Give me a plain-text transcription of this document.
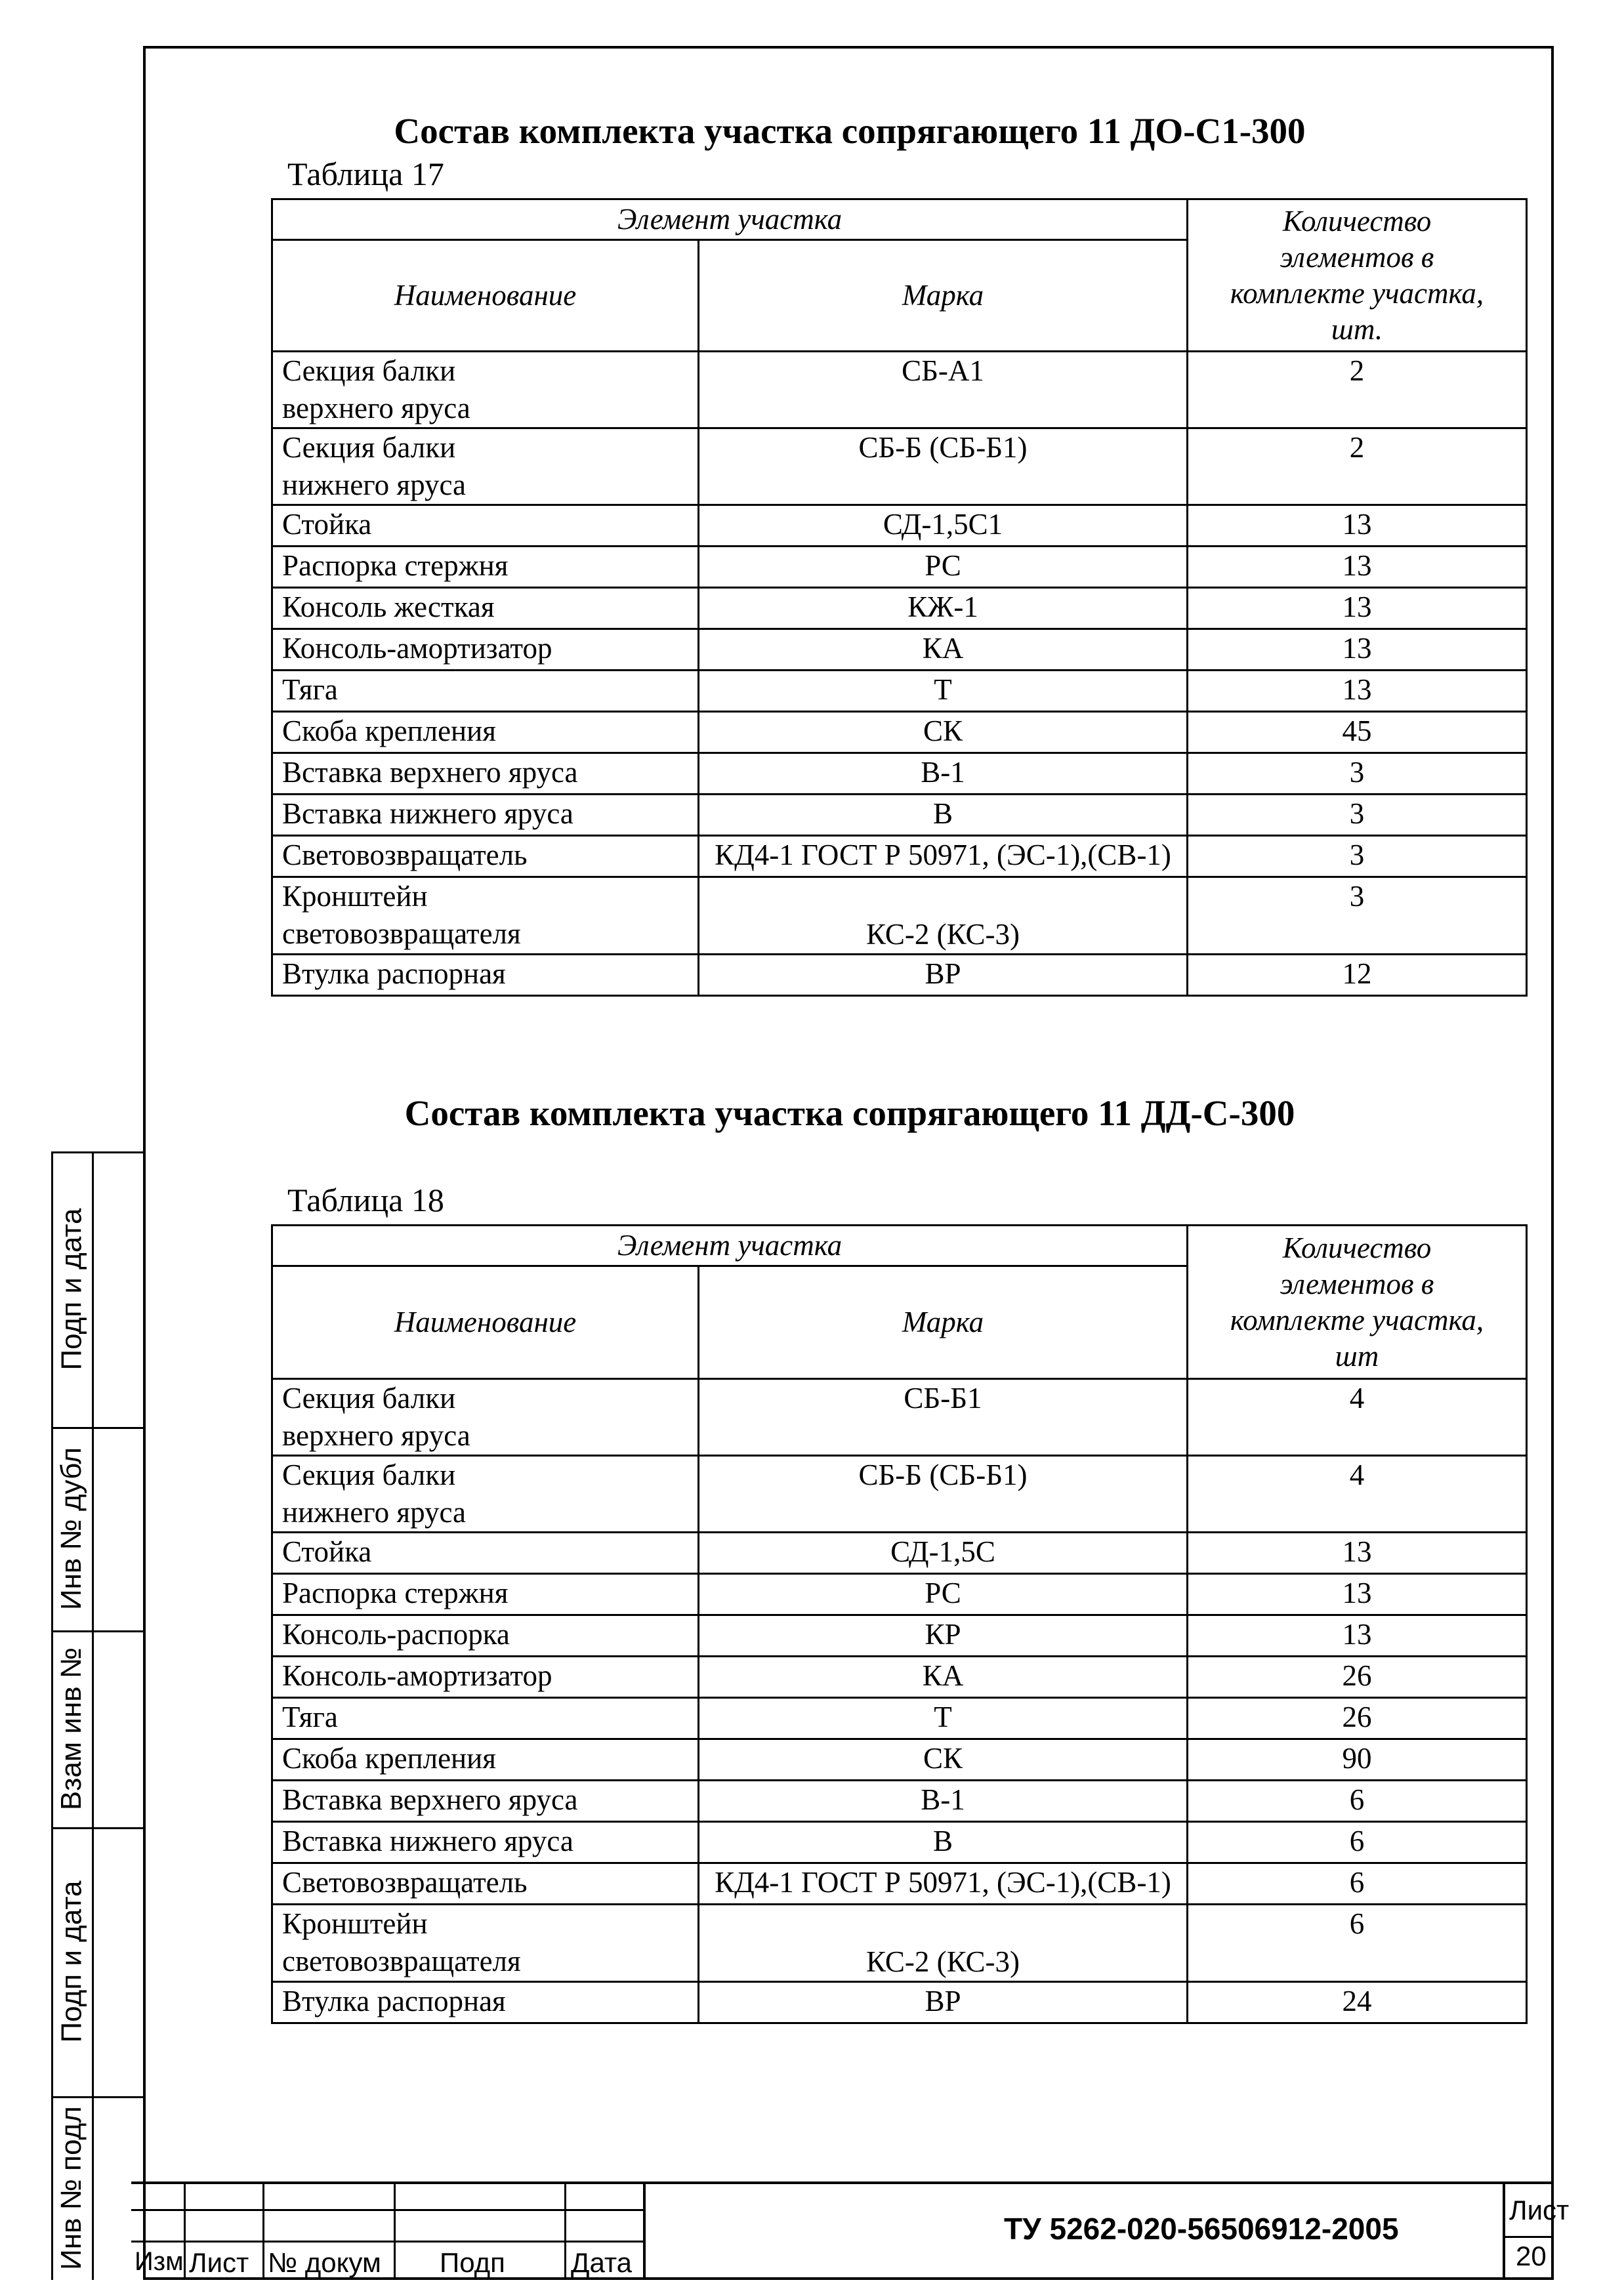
Подп и дата
Инв № дубл
Взам инв №
Подп и дата
Инв № подл
Состав комплекта участка сопрягающего 11 ДО-С1-300
Таблица 17
Элемент участка		Количество
элементов в
комплекте участка,
шт.
Наименование	Марка	
Секция балки верхнего яруса	СБ-А1	2
Секция балки нижнего яруса	СБ-Б (СБ-Б1)	2
Стойка	СД-1,5С1	13
Распорка стержня	РС	13
Консоль жесткая	КЖ-1	13
Консоль-амортизатор	КА	13
Тяга	Т	13
Скоба крепления	СК	45
Вставка верхнего яруса	В-1	3
Вставка нижнего яруса	В	3
Световозвращатель	КД4-1 ГОСТ Р 50971, (ЭС-1),(СВ-1)	3
Кронштейн световозвращателя	КС-2 (КС-3)	3
Втулка распорная	ВР	12
Состав комплекта участка сопрягающего 11 ДД-С-300
Таблица 18
Элемент участка		Количество
элементов в
комплекте участка,
шт
Наименование	Марка	
Секция балки верхнего яруса	СБ-Б1	4
Секция балки нижнего яруса	СБ-Б (СБ-Б1)	4
Стойка	СД-1,5С	13
Распорка стержня	РС	13
Консоль-распорка	КР	13
Консоль-амортизатор	КА	26
Тяга	Т	26
Скоба крепления	СК	90
Вставка верхнего яруса	В-1	6
Вставка нижнего яруса	В	6
Световозвращатель	КД4-1 ГОСТ Р 50971, (ЭС-1),(СВ-1)	6
Кронштейн световозвращателя	КС-2 (КС-3)	6
Втулка распорная	ВР	24
Изм Лист № докум Подп Дата
ТУ 5262-020-56506912-2005
Лист
20
